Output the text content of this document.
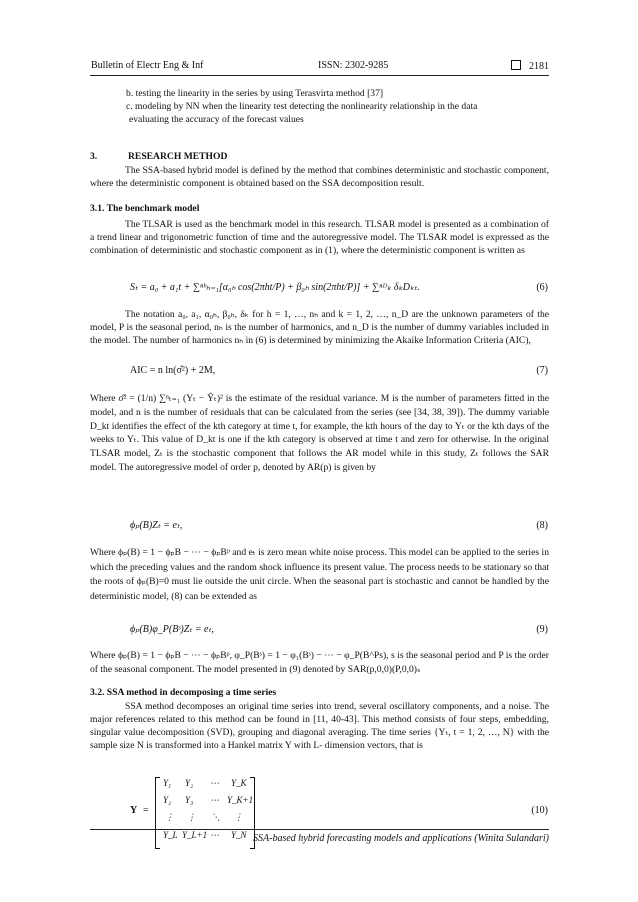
Bulletin of Electr Eng & Inf	ISSN: 2302-9285	2181
b. testing the linearity in the series by using Terasvirta method [37]
c. modeling by NN when the linearity test detecting the nonlinearity relationship in the data
evaluating the accuracy of the forecast values
3.	RESEARCH METHOD

The SSA-based hybrid model is defined by the method that combines deterministic and stochastic component, where the deterministic component is obtained based on the SSA decomposition result.

3.1. The benchmark model

The TLSAR is used as the benchmark model in this research. TLSAR model is presented as a combination of a trend linear and trigonometric function of time and the autoregressive model. The TLSAR model is expressed as the combination of deterministic and stochastic component as in (1), where the deterministic component is written as

Sₜ = a₀ + a₁t + ∑ⁿʰₕ₌₁[α₀ₕ cos(2πht/P) + β₀ₕ sin(2πht/P)] + ∑ⁿᴰₖ δₖDₖₜ.	(6)

The notation a₀, a₁, α₀ₕ, β₀ₕ, δₖ for h = 1, …, nₕ and k = 1, 2, …, n_D are the unknown parameters of the model, P is the seasonal period, nₕ is the number of harmonics, and n_D is the number of dummy variables included in the model. The number of harmonics nₕ in (6) is determined by minimizing the Akaike Information Criteria (AIC),

AIC = n ln(σ̂²) + 2M,	(7)

Where σ̂² = (1/n) ∑ⁿₜ₌₁ (Yₜ − Ŷₜ)² is the estimate of the residual variance. M is the number of parameters fitted in the model, and n is the number of residuals that can be calculated from the series (see [34, 38, 39]). The dummy variable D_kt identifies the effect of the kth category at time t, for example, the kth hours of the day to Yₜ or the kth days of the weeks to Yₜ. This value of D_kt is one if the kth category is observed at time t and zero for otherwise. In the original TLSAR model, Zₜ is the stochastic component that follows the AR model while in this study, Zₜ follows the SAR model. The autoregressive model of order p, denoted by AR(p) is given by

ϕₚ(B)Zₜ = eₜ,	(8)

Where ϕₚ(B) = 1 − ϕₚB − ⋯ − ϕₚBᵖ and eₜ is zero mean white noise process. This model can be applied to the series in which the preceding values and the random shock influence its present value. The process needs to be stationary so that the roots of ϕₚ(B)=0 must lie outside the unit circle. When the seasonal part is stochastic and cannot be handled by the deterministic model, (8) can be extended as

ϕₚ(B)φ_P(Bˢ)Zₜ = eₜ,	(9)

Where ϕₚ(B) = 1 − ϕₚB − ⋯ − ϕₚBᵖ, φ_P(Bˢ) = 1 − φ₁(Bˢ) − ⋯ − φ_P(B^Ps), s is the seasonal period and P is the order of the seasonal component. The model presented in (9) denoted by SAR(p,0,0)(P,0,0)ₛ

3.2. SSA method in decomposing a time series

SSA method decomposes an original time series into trend, several oscillatory components, and a noise. The major references related to this method can be found in [11, 40-43]. This method consists of four steps, embedding, singular value decomposition (SVD), grouping and diagonal averaging. The time series {Yₜ, t = 1, 2, …, N} with the sample size N is transformed into a Hankel matrix Y with L- dimension vectors, that is

Y =
Y₁ Y₂ ⋯ Y_K
Y₂ Y₃ ⋯ Y_K+1
⋮ ⋮ ⋱ ⋮
Y_L Y_L+1 ⋯ Y_N
(10)
SSA-based hybrid forecasting models and applications (Winita Sulandari)
